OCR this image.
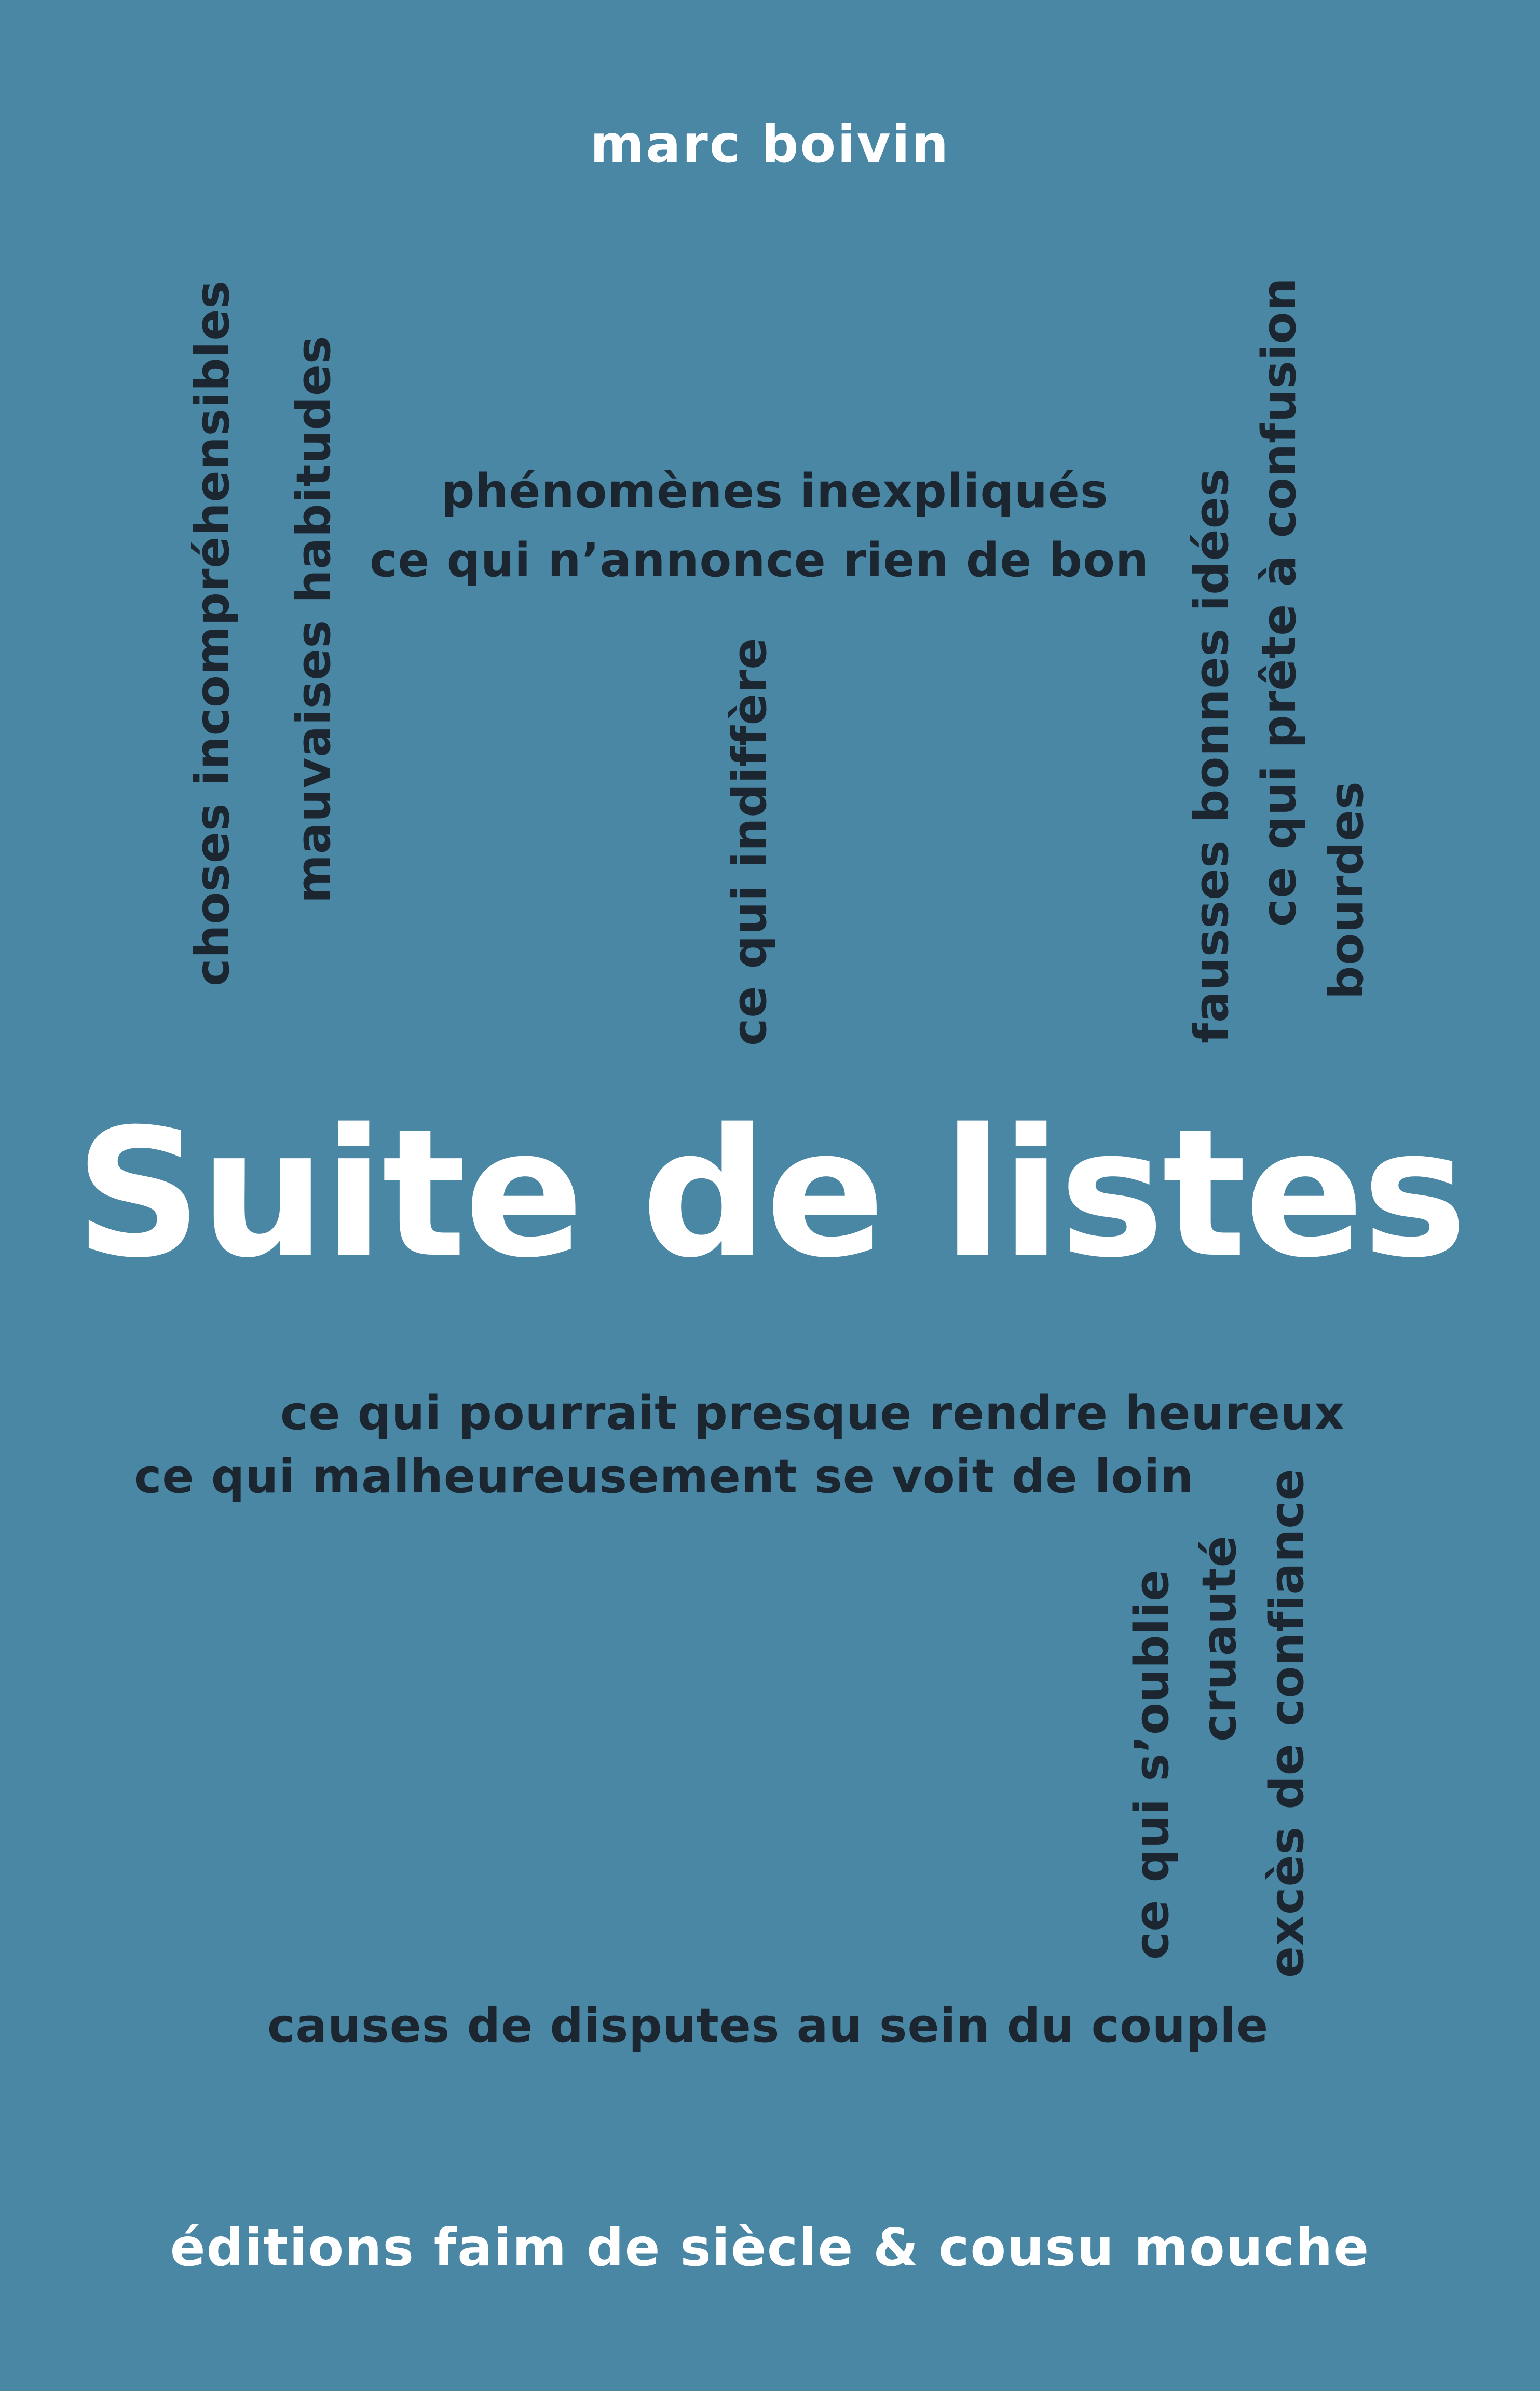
marc boivin
choses incompréhensibles mauvaises habitudes phénomènes inexpliqués
ce qui n’annonce rien de bon
ce qui indiffère	fausses bonnes idées ce qui prête à confusion bourdes
Suite de listes
ce qui pourrait presque rendre heureux
ce qui malheureusement se voit de loin
ce qui s’oublie cruauté excès de confiance
causes de disputes au sein du couple
éditions faim de siècle & cousu mouche
